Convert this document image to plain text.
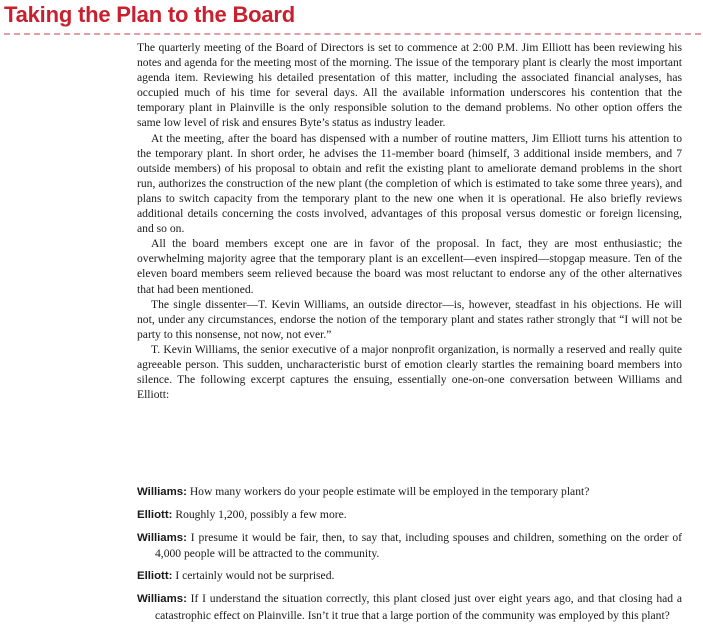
Taking the Plan to the Board

The quarterly meeting of the Board of Directors is set to commence at 2:00 P.M. Jim Elliott has been reviewing his notes and agenda for the meeting most of the morning. The issue of the temporary plant is clearly the most important agenda item. Reviewing his detailed presentation of this matter, including the associated financial analyses, has occupied much of his time for several days. All the available information underscores his contention that the temporary plant in Plainville is the only responsible solution to the demand problems. No other option offers the same low level of risk and ensures Byte’s status as industry leader.

At the meeting, after the board has dispensed with a number of routine matters, Jim Elliott turns his attention to the temporary plant. In short order, he advises the 11-member board (himself, 3 additional inside members, and 7 outside members) of his proposal to obtain and refit the existing plant to ameliorate demand problems in the short run, authorizes the construction of the new plant (the completion of which is estimated to take some three years), and plans to switch capacity from the temporary plant to the new one when it is operational. He also briefly reviews additional details concerning the costs involved, advantages of this proposal versus domestic or foreign licensing, and so on.

All the board members except one are in favor of the proposal. In fact, they are most enthusiastic; the overwhelming majority agree that the temporary plant is an excellent—even inspired—stopgap measure. Ten of the eleven board members seem relieved because the board was most reluctant to endorse any of the other alternatives that had been mentioned.

The single dissenter—T. Kevin Williams, an outside director—is, however, steadfast in his objections. He will not, under any circumstances, endorse the notion of the temporary plant and states rather strongly that “I will not be party to this nonsense, not now, not ever.”

T. Kevin Williams, the senior executive of a major nonprofit organization, is normally a reserved and really quite agreeable person. This sudden, uncharacteristic burst of emotion clearly startles the remaining board members into silence. The following excerpt captures the ensuing, essentially one-on-one conversation between Williams and Elliott:

Williams: How many workers do your people estimate will be employed in the temporary plant?
Elliott: Roughly 1,200, possibly a few more.
Williams: I presume it would be fair, then, to say that, including spouses and children, something on the order of 4,000 people will be attracted to the community.
Elliott: I certainly would not be surprised.
Williams: If I understand the situation correctly, this plant closed just over eight years ago, and that closing had a catastrophic effect on Plainville. Isn’t it true that a large portion of the community was employed by this plant?
